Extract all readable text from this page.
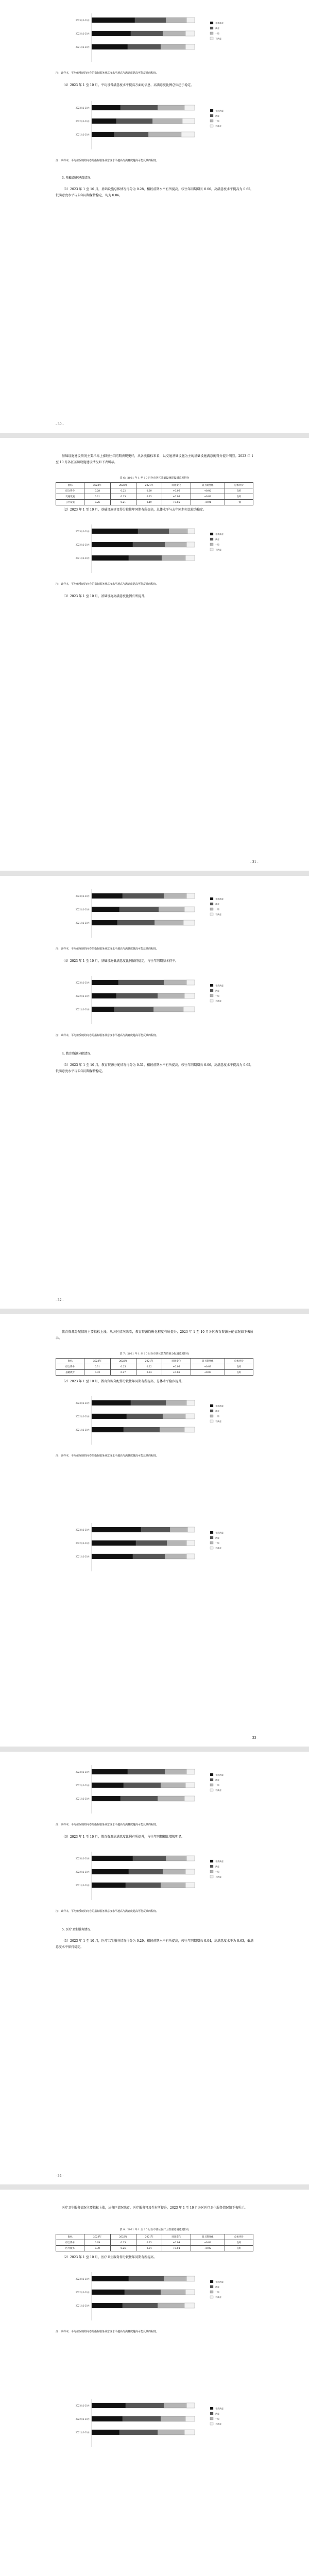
2023年1-10月
2022年1-10月
2021年1-10月
非常满意
满意
一般
不满意
注：该样本，平均值反映的问卷的指标服务满意度水平越高与满意度越高可能反映的程度。
（4）2023 年 1 至 10 月，平均设备满意度水平提高方面的信息，高满意度比例总体趋于稳定。
2023年1-10月
2022年1-10月
2021年1-10月
非常满意
满意
一般
不满意
注：该样本，平均值反映的问卷的指标服务满意度水平越高与满意度越高可能反映的程度。
3. 基础设施建设情况
（1）2023 年 1 至 10 月，基础设施总体情况得分为 0.28，相较前期水平有所提高，较往年同期增长 0.06，高满意度水平提高为 0.65，低满意度水平与去年同期保持稳定，均为 0.06。
- 30 -
基础设施建设情况主要指标上涨较往年同期表现更好，从各类指标来看，以交通基础设施为主的基础设施满意度得分提升明显。2023 年 1 至 10 月各区基础设施建设情况如下表所示。
表 6：2021 年 1 至 10 月全市各区基础设施建设满意度得分
指标	2023年	2022年	2021年	同比变化	较上期变化	总体评价
综合得分	0.28	0.22	0.20	+0.06	+0.02	良好
交通设施	0.31	0.25	0.23	+0.06	+0.03	良好
公共设施	0.26	0.21	0.19	+0.05	+0.01	一般
（2）2023 年 1 至 10 月，基础设施建设得分较往年同期有所提高，总体水平与去年同期相比较为稳定。
2023年1-10月
2022年1-10月
2021年1-10月
非常满意
满意
一般
不满意
注：该样本，平均值反映的问卷的指标服务满意度水平越高与满意度越高可能反映的程度。
（3）2023 年 1 至 10 月，基础设施高满意度比例有所提升。
- 31 -
2023年1-10月
2022年1-10月
2021年1-10月
非常满意
满意
一般
不满意
注：该样本，平均值反映的问卷的指标服务满意度水平越高与满意度越高可能反映的程度。
（4）2023 年 1 至 10 月，基础设施低满意度比例保持稳定，与往年同期基本持平。
2023年1-10月
2022年1-10月
2021年1-10月
非常满意
满意
一般
不满意
注：该样本，平均值反映的问卷的指标服务满意度水平越高与满意度越高可能反映的程度。
4. 教育资源分配情况
（1）2023 年 1 至 10 月，教育资源分配情况得分为 0.31，相较前期水平有所提高，较往年同期增长 0.06，高满意度水平提高为 0.65，低满意度水平与去年同期保持稳定。
- 32 -
教育资源分配情况主要指标上涨，从各区情况来看，教育资源均衡化程度有所提升，2023 年 1 至 10 月各区教育资源分配情况如下表所示。
表 7：2021 年 1 至 10 月全市各区教育资源分配满意度得分
指标	2023年	2022年	2021年	同比变化	较上期变化	总体评价
综合得分	0.31	0.25	0.22	+0.06	+0.03	良好
基础教育	0.33	0.27	0.24	+0.06	+0.03	良好
（2）2023 年 1 至 10 月，教育资源分配得分较往年同期有所提高，总体水平稳步提升。
2023年1-10月
2022年1-10月
2021年1-10月
非常满意
满意
一般
不满意
注：该样本，平均值反映的问卷的指标服务满意度水平越高与满意度越高可能反映的程度。
2023年1-10月
2022年1-10月
2021年1-10月
非常满意
满意
一般
不满意
- 33 -
2023年1-10月
2022年1-10月
2021年1-10月
非常满意
满意
一般
不满意
注：该样本，平均值反映的问卷的指标服务满意度水平越高与满意度越高可能反映的程度。
（3）2023 年 1 至 10 月，教育资源高满意度比例有所提升，与往年同期相比增幅明显。
2023年1-10月
2022年1-10月
2021年1-10月
非常满意
满意
一般
不满意
注：该样本，平均值反映的问卷的指标服务满意度水平越高与满意度越高可能反映的程度。
5. 医疗卫生服务情况
（1）2023 年 1 至 10 月，医疗卫生服务情况得分为 0.29，相较前期水平有所提高，较往年同期增长 0.04，高满意度水平为 0.63，低满意度水平保持稳定。
- 34 -
医疗卫生服务情况主要指标上涨，从各区情况来看，医疗服务可及性有所提升，2023 年 1 至 10 月各区医疗卫生服务情况如下表所示。
表 8：2021 年 1 至 10 月全市各区医疗卫生服务满意度得分
指标	2023年	2022年	2021年	同比变化	较上期变化	总体评价
综合得分	0.29	0.25	0.23	+0.04	+0.02	良好
医疗服务	0.30	0.26	0.24	+0.04	+0.02	良好
（2）2023 年 1 至 10 月，医疗卫生服务得分较往年同期有所提高。
2023年1-10月
2022年1-10月
2021年1-10月
非常满意
满意
一般
不满意
注：该样本，平均值反映的问卷的指标服务满意度水平越高与满意度越高可能反映的程度。
2023年1-10月
2022年1-10月
2021年1-10月
非常满意
满意
一般
不满意
